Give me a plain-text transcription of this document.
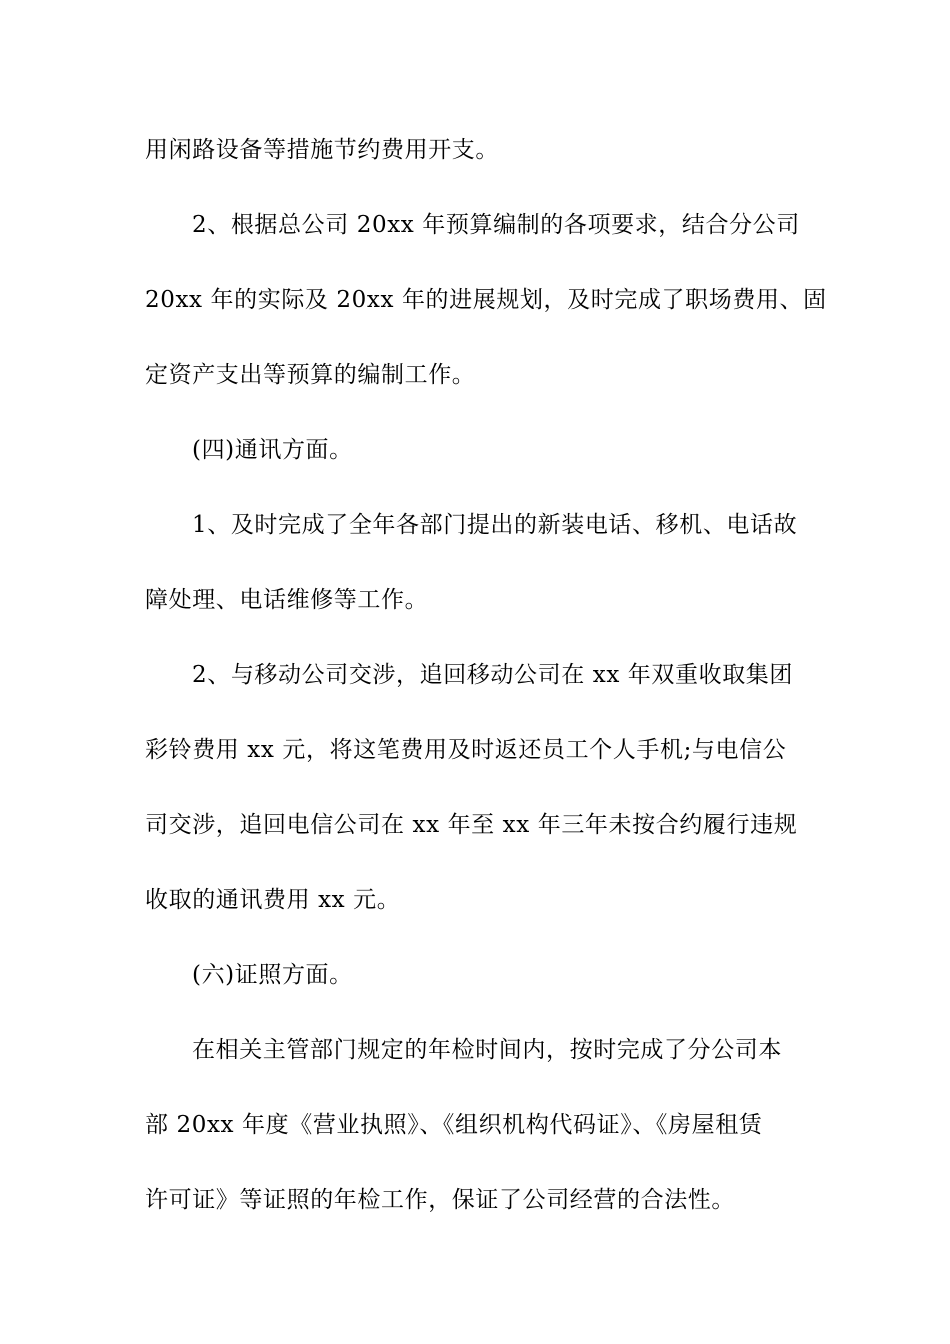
用闲路设备等措施节约费用开支。
2、根据总公司 20xx 年预算编制的各项要求，结合分公司
20xx 年的实际及 20xx 年的进展规划，及时完成了职场费用、固
定资产支出等预算的编制工作。
(四)通讯方面。
1、及时完成了全年各部门提出的新装电话、移机、电话故
障处理、电话维修等工作。
2、与移动公司交涉，追回移动公司在 xx 年双重收取集团
彩铃费用 xx 元，将这笔费用及时返还员工个人手机;与电信公
司交涉，追回电信公司在 xx 年至 xx 年三年未按合约履行违规
收取的通讯费用 xx 元。
(六)证照方面。
在相关主管部门规定的年检时间内，按时完成了分公司本
部 20xx 年度《营业执照》、《组织机构代码证》、《房屋租赁
许可证》等证照的年检工作，保证了公司经营的合法性。
